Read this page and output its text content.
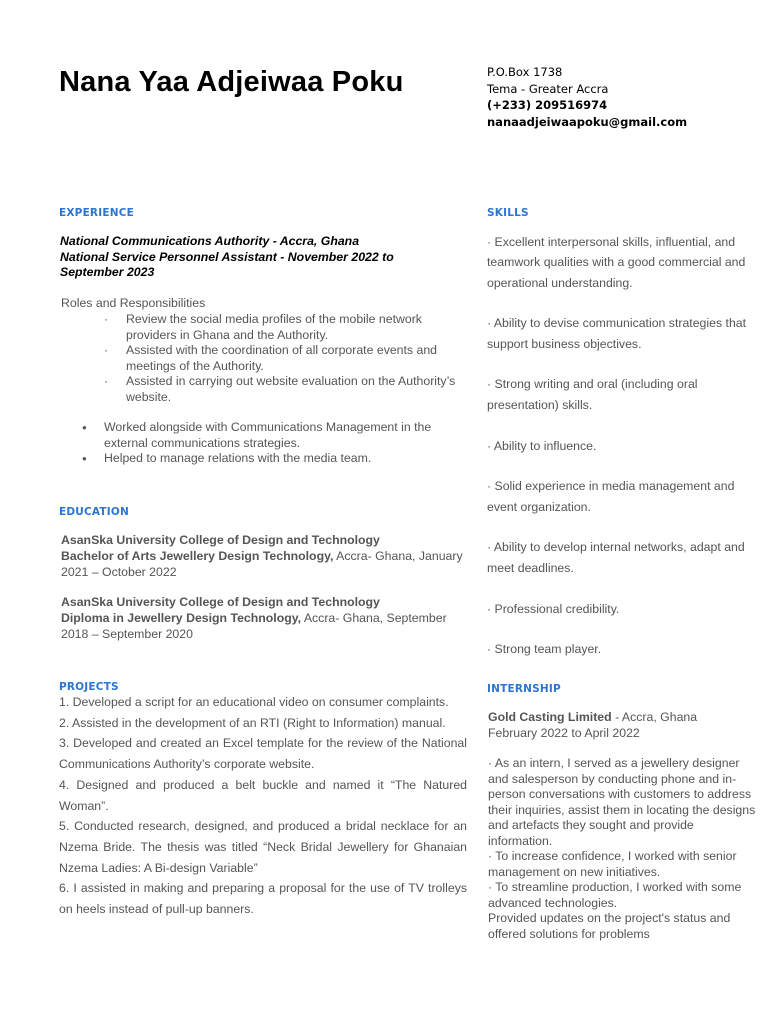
Nana Yaa Adjeiwaa Poku	P.O.Box 1738
Tema - Greater Accra
(+233) 209516974
nanaadjeiwaapoku@gmail.com
EXPERIENCE
National Communications Authority - Accra, Ghana
National Service Personnel Assistant - November 2022 to September 2023
Roles and Responsibilities
· Review the social media profiles of the mobile network providers in Ghana and the Authority.
· Assisted with the coordination of all corporate events and meetings of the Authority.
· Assisted in carrying out website evaluation on the Authority’s website.
● Worked alongside with Communications Management in the external communications strategies.
● Helped to manage relations with the media team.
EDUCATION
AsanSka University College of Design and Technology
Bachelor of Arts Jewellery Design Technology, Accra- Ghana, January 2021 – October 2022
AsanSka University College of Design and Technology
Diploma in Jewellery Design Technology, Accra- Ghana, September 2018 – September 2020
PROJECTS

1. Developed a script for an educational video on consumer complaints.

2. Assisted in the development of an RTI (Right to Information) manual.

3. Developed and created an Excel template for the review of the National Communications Authority’s corporate website.

4. Designed and produced a belt buckle and named it “The Natured Woman”.

5. Conducted research, designed, and produced a bridal necklace for an Nzema Bride. The thesis was titled “Neck Bridal Jewellery for Ghanaian Nzema Ladies: A Bi-design Variable”

6. I assisted in making and preparing a proposal for the use of TV trolleys on heels instead of pull-up banners.

SKILLS

· Excellent interpersonal skills, influential, and teamwork qualities with a good commercial and operational understanding.

· Ability to devise communication strategies that support business objectives.

· Strong writing and oral (including oral presentation) skills.

· Ability to influence.

· Solid experience in media management and event organization.

· Ability to develop internal networks, adapt and meet deadlines.

· Professional credibility.

· Strong team player.

INTERNSHIP
Gold Casting Limited - Accra, Ghana
February 2022 to April 2022

· As an intern, I served as a jewellery designer and salesperson by conducting phone and in-person conversations with customers to address their inquiries, assist them in locating the designs and artefacts they sought and provide information.

· To increase confidence, I worked with senior management on new initiatives.

· To streamline production, I worked with some advanced technologies.

Provided updates on the project's status and offered solutions for problems
